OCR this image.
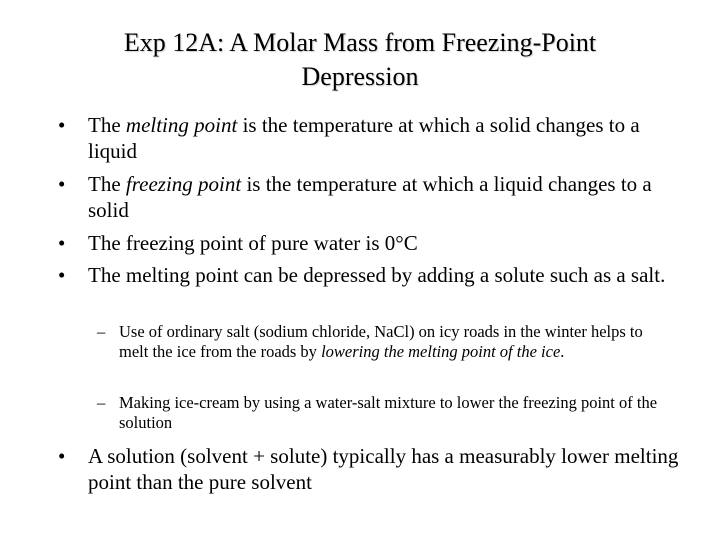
Exp 12A: A Molar Mass from Freezing-Point
Depression
• The melting point is the temperature at which a solid changes to a liquid
• The freezing point is the temperature at which a liquid changes to a solid
• The freezing point of pure water is 0°C
• The melting point can be depressed by adding a solute such as a salt.
– Use of ordinary salt (sodium chloride, NaCl) on icy roads in the winter helps to melt the ice from the roads by lowering the melting point of the ice.
– Making ice-cream by using a water-salt mixture to lower the freezing point of the solution
• A solution (solvent + solute) typically has a measurably lower melting point than the pure solvent
